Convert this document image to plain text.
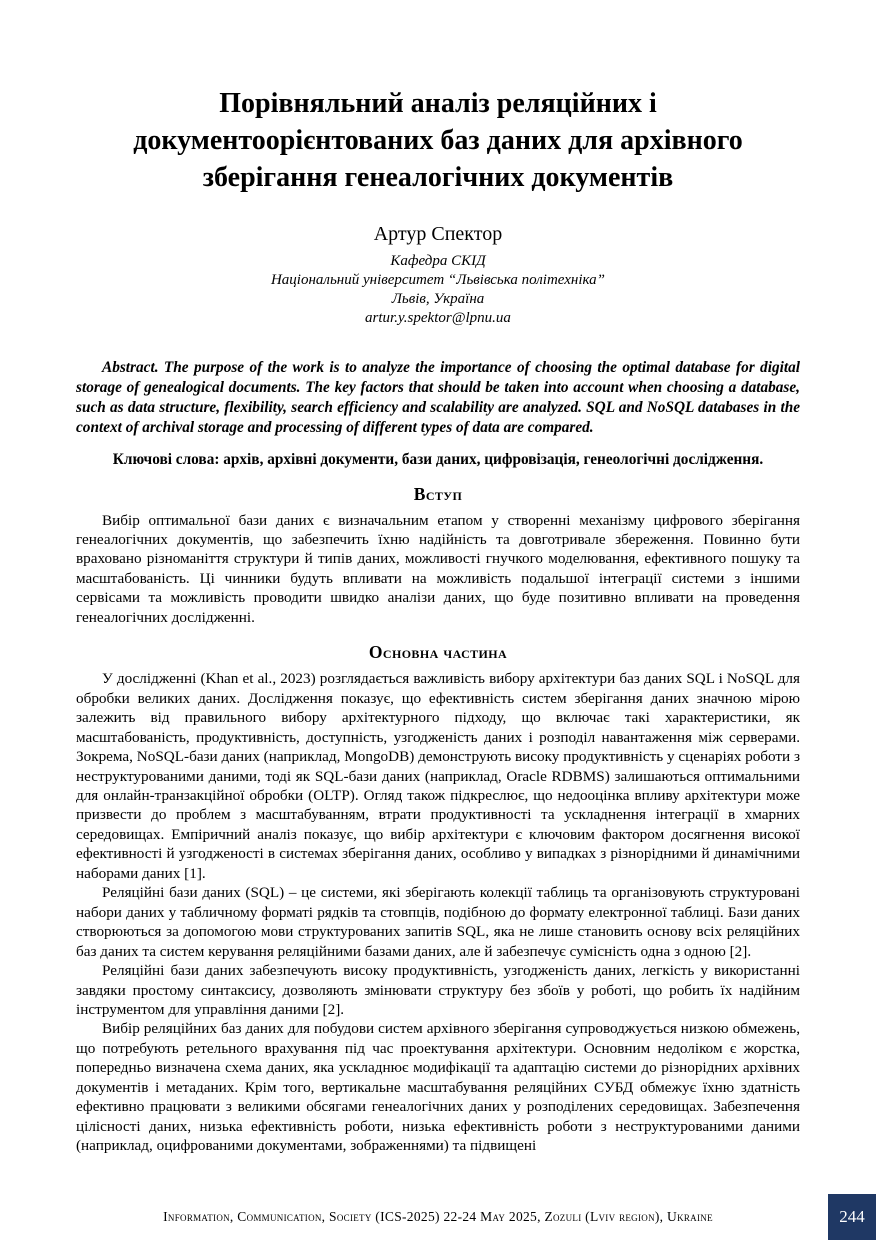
Порівняльний аналіз реляційних і документоорієнтованих баз даних для архівного зберігання генеалогічних документів
Артур Спектор
Кафедра СКІД
Національний університет “Львівська політехніка”
Львів, Україна
artur.y.spektor@lpnu.ua

Abstract. The purpose of the work is to analyze the importance of choosing the optimal database for digital storage of genealogical documents. The key factors that should be taken into account when choosing a database, such as data structure, flexibility, search efficiency and scalability are analyzed. SQL and NoSQL databases in the context of archival storage and processing of different types of data are compared.

Ключові слова: архів, архівні документи, бази даних, цифровізація, генеологічні дослідження.

Вступ

Вибір оптимальної бази даних є визначальним етапом у створенні механізму цифрового зберігання генеалогічних документів, що забезпечить їхню надійність та довготривале збереження. Повинно бути враховано різноманіття структури й типів даних, можливості гнучкого моделювання, ефективного пошуку та масштабованість. Ці чинники будуть впливати на можливість подальшої інтеграції системи з іншими сервісами та можливість проводити швидко аналізи даних, що буде позитивно впливати на проведення генеалогічних дослідженні.

Основна частина

У дослідженні (Khan et al., 2023) розглядається важливість вибору архітектури баз даних SQL і NoSQL для обробки великих даних. Дослідження показує, що ефективність систем зберігання даних значною мірою залежить від правильного вибору архітектурного підходу, що включає такі характеристики, як масштабованість, продуктивність, доступність, узгодженість даних і розподіл навантаження між серверами. Зокрема, NoSQL-бази даних (наприклад, MongoDB) демонструють високу продуктивність у сценаріях роботи з неструктурованими даними, тоді як SQL-бази даних (наприклад, Oracle RDBMS) залишаються оптимальними для онлайн-транзакційної обробки (OLTP). Огляд також підкреслює, що недооцінка впливу архітектури може призвести до проблем з масштабуванням, втрати продуктивності та ускладнення інтеграції в хмарних середовищах. Емпіричний аналіз показує, що вибір архітектури є ключовим фактором досягнення високої ефективності й узгодженості в системах зберігання даних, особливо у випадках з різнорідними й динамічними наборами даних [1].

Реляційні бази даних (SQL) – це системи, які зберігають колекції таблиць та організовують структуровані набори даних у табличному форматі рядків та стовпців, подібною до формату електронної таблиці. Бази даних створюються за допомогою мови структурованих запитів SQL, яка не лише становить основу всіх реляційних баз даних та систем керування реляційними базами даних, але й забезпечує сумісність одна з одною [2].

Реляційні бази даних забезпечують високу продуктивність, узгодженість даних, легкість у використанні завдяки простому синтаксису, дозволяють змінювати структуру без збоїв у роботі, що робить їх надійним інструментом для управління даними [2].

Вибір реляційних баз даних для побудови систем архівного зберігання супроводжується низкою обмежень, що потребують ретельного врахування під час проектування архітектури. Основним недоліком є жорстка, попередньо визначена схема даних, яка ускладнює модифікації та адаптацію системи до різнорідних архівних документів і метаданих. Крім того, вертикальне масштабування реляційних СУБД обмежує їхню здатність ефективно працювати з великими обсягами генеалогічних даних у розподілених середовищах. Забезпечення цілісності даних, низька ефективність роботи, низька ефективність роботи з неструктурованими даними (наприклад, оцифрованими документами, зображеннями) та підвищені

Information, Communication, Society (ICS-2025) 22-24 May 2025, Zozuli (Lviv region), Ukraine	244
